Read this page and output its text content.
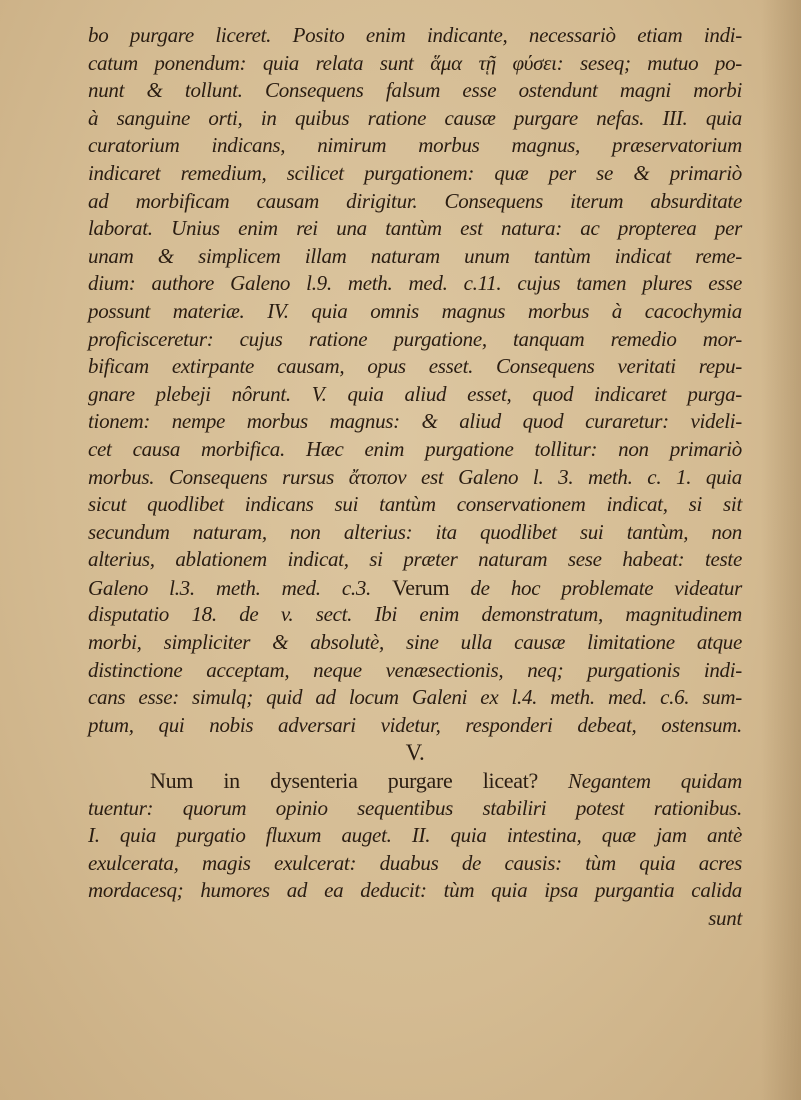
bo purgare liceret. Posito enim indicante, necessariò etiam indi-
catum ponendum: quia relata sunt ἅμα τῇ φύσει: seseq; mutuo po-
nunt & tollunt. Consequens falsum esse ostendunt magni morbi
à sanguine orti, in quibus ratione causæ purgare nefas. III. quia
curatorium indicans, nimirum morbus magnus, præservatorium
indicaret remedium, scilicet purgationem: quæ per se & primariò
ad morbificam causam dirigitur. Consequens iterum absurditate
laborat. Unius enim rei una tantùm est natura: ac propterea per
unam & simplicem illam naturam unum tantùm indicat reme-
dium: authore Galeno l.9. meth. med. c.11. cujus tamen plures esse
possunt materiæ. IV. quia omnis magnus morbus à cacochymia
proficisceretur: cujus ratione purgatione, tanquam remedio mor-
bificam extirpante causam, opus esset. Consequens veritati repu-
gnare plebeji nôrunt. V. quia aliud esset, quod indicaret purga-
tionem: nempe morbus magnus: & aliud quod curaretur: videli-
cet causa morbifica. Hæc enim purgatione tollitur: non primariò
morbus. Consequens rursus ἄτοπον est Galeno l. 3. meth. c. 1. quia
sicut quodlibet indicans sui tantùm conservationem indicat, si sit
secundum naturam, non alterius: ita quodlibet sui tantùm, non
alterius, ablationem indicat, si præter naturam sese habeat: teste
Galeno l.3. meth. med. c.3. Verum de hoc problemate videatur
disputatio 18. de v. sect. Ibi enim demonstratum, magnitudinem
morbi, simpliciter & absolutè, sine ulla causæ limitatione atque
distinctione acceptam, neque venæsectionis, neq; purgationis indi-
cans esse: simulq; quid ad locum Galeni ex l.4. meth. med. c.6. sum-
ptum, qui nobis adversari videtur, responderi debeat, ostensum.
V.
Num in dysenteria purgare liceat? Negantem quidam
tuentur: quorum opinio sequentibus stabiliri potest rationibus.
I. quia purgatio fluxum auget. II. quia intestina, quæ jam antè
exulcerata, magis exulcerat: duabus de causis: tùm quia acres
mordacesq; humores ad ea deducit: tùm quia ipsa purgantia calida
sunt
